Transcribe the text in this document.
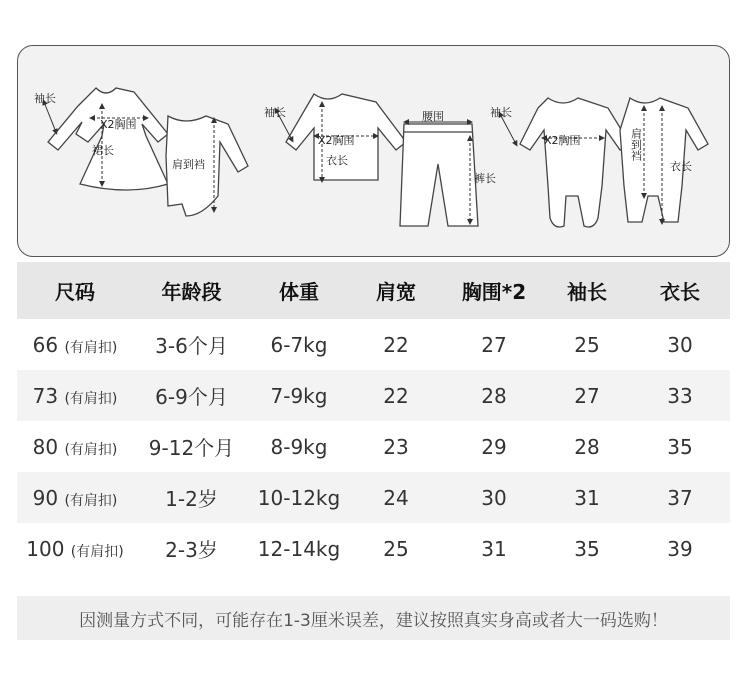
袖长
X2胸围
裙长
肩到裆
袖长
X2胸围
衣长
腰围
裤长
袖长
X2胸围	肩到裆
衣长
尺码	年龄段	体重	肩宽	胸围*2	袖长	衣长
66 (有肩扣)	3-6个月	6-7kg	22	27	25	30
73 (有肩扣)	6-9个月	7-9kg	22	28	27	33
80 (有肩扣)	9-12个月	8-9kg	23	29	28	35
90 (有肩扣)	1-2岁	10-12kg	24	30	31	37
100 (有肩扣)	2-3岁	12-14kg	25	31	35	39
因测量方式不同，可能存在1-3厘米误差，建议按照真实身高或者大一码选购！
